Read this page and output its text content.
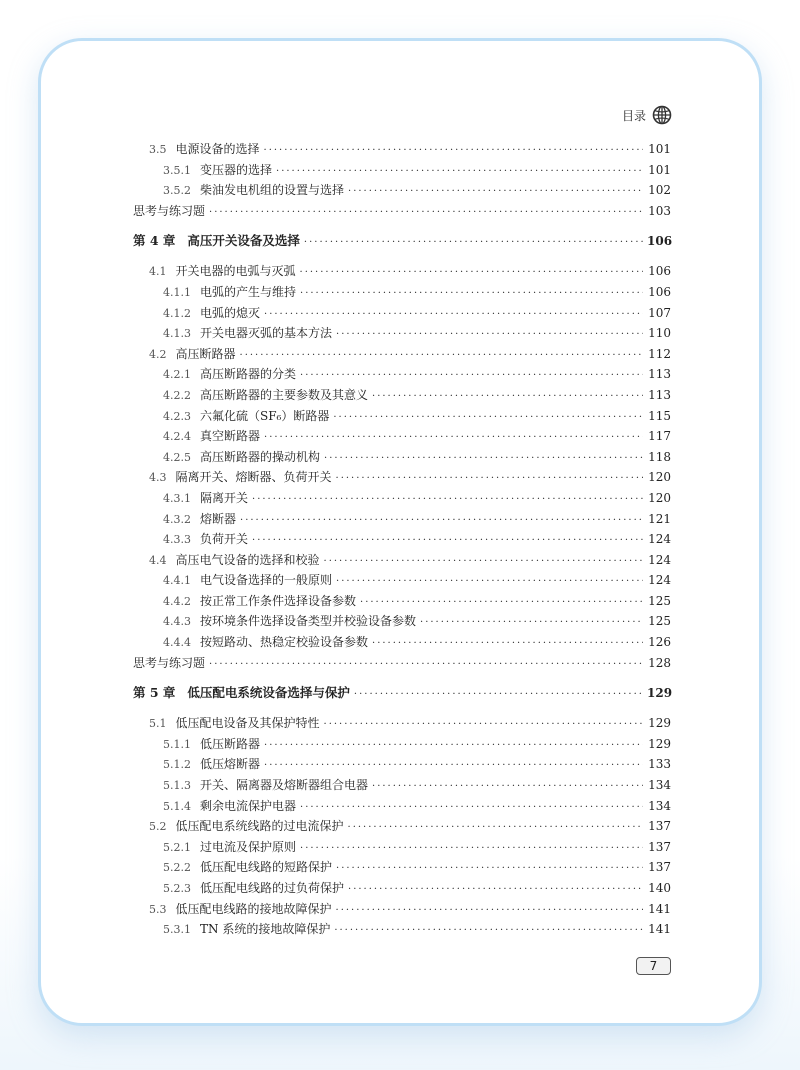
目录
3.5 电源设备的选择 ·····	101
3.5.1 变压器的选择 ·····	101
3.5.2 柴油发电机组的设置与选择 ·····	102
思考与练习题 ·····	103
第 4 章 高压开关设备及选择 ·····	106
4.1 开关电器的电弧与灭弧 ·····	106
4.1.1 电弧的产生与维持 ·····	106
4.1.2 电弧的熄灭 ·····	107
4.1.3 开关电器灭弧的基本方法 ·····	110
4.2 高压断路器 ·····	112
4.2.1 高压断路器的分类 ·····	113
4.2.2 高压断路器的主要参数及其意义 ·····	113
4.2.3 六氟化硫（SF₆）断路器 ·····	115
4.2.4 真空断路器 ·····	117
4.2.5 高压断路器的操动机构 ·····	118
4.3 隔离开关、熔断器、负荷开关 ·····	120
4.3.1 隔离开关 ·····	120
4.3.2 熔断器 ·····	121
4.3.3 负荷开关 ·····	124
4.4 高压电气设备的选择和校验 ·····	124
4.4.1 电气设备选择的一般原则 ·····	124
4.4.2 按正常工作条件选择设备参数 ·····	125
4.4.3 按环境条件选择设备类型并校验设备参数 ·····	125
4.4.4 按短路动、热稳定校验设备参数 ·····	126
思考与练习题 ·····	128
第 5 章 低压配电系统设备选择与保护 ·····	129
5.1 低压配电设备及其保护特性 ·····	129
5.1.1 低压断路器 ·····	129
5.1.2 低压熔断器 ·····	133
5.1.3 开关、隔离器及熔断器组合电器 ·····	134
5.1.4 剩余电流保护电器 ·····	134
5.2 低压配电系统线路的过电流保护 ·····	137
5.2.1 过电流及保护原则 ·····	137
5.2.2 低压配电线路的短路保护 ·····	137
5.2.3 低压配电线路的过负荷保护 ·····	140
5.3 低压配电线路的接地故障保护 ·····	141
5.3.1 TN 系统的接地故障保护 ·····	141
7
